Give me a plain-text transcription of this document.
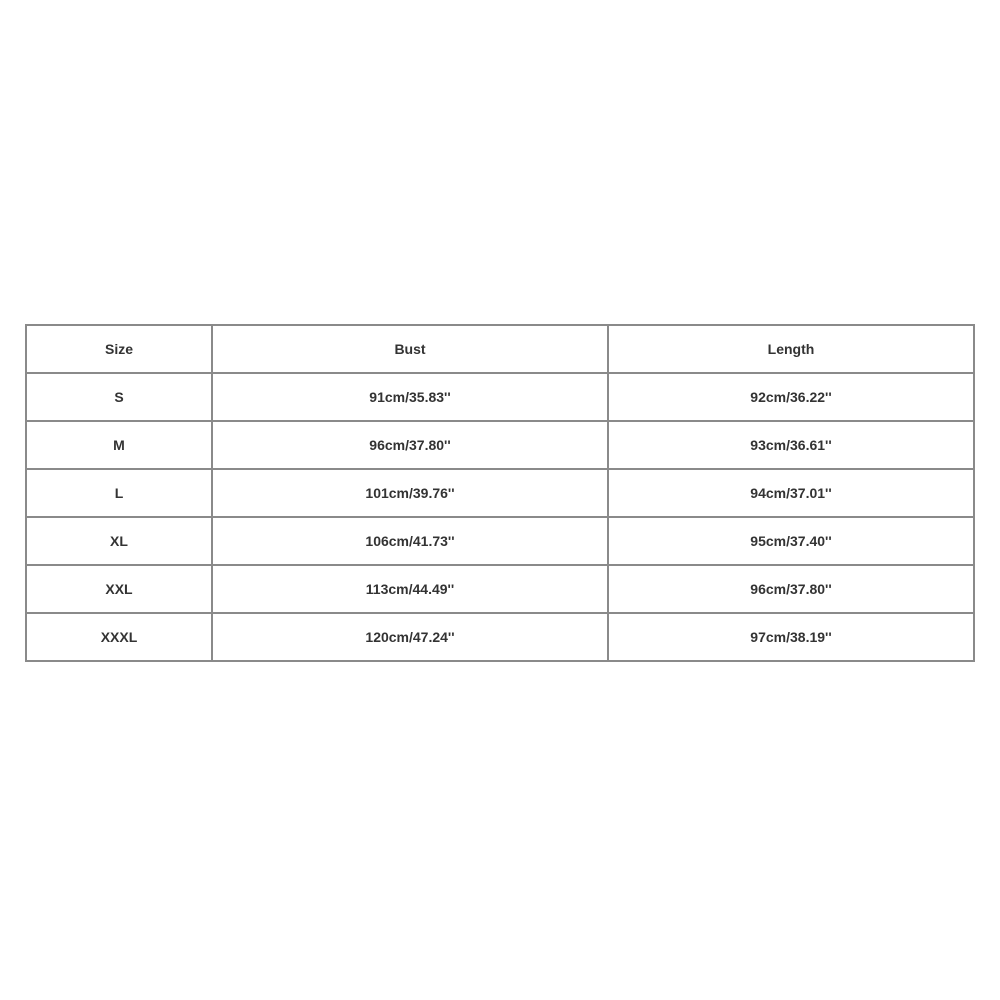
Size	Bust	Length
S	91cm/35.83''	92cm/36.22''
M	96cm/37.80''	93cm/36.61''
L	101cm/39.76''	94cm/37.01''
XL	106cm/41.73''	95cm/37.40''
XXL	113cm/44.49''	96cm/37.80''
XXXL	120cm/47.24''	97cm/38.19''
